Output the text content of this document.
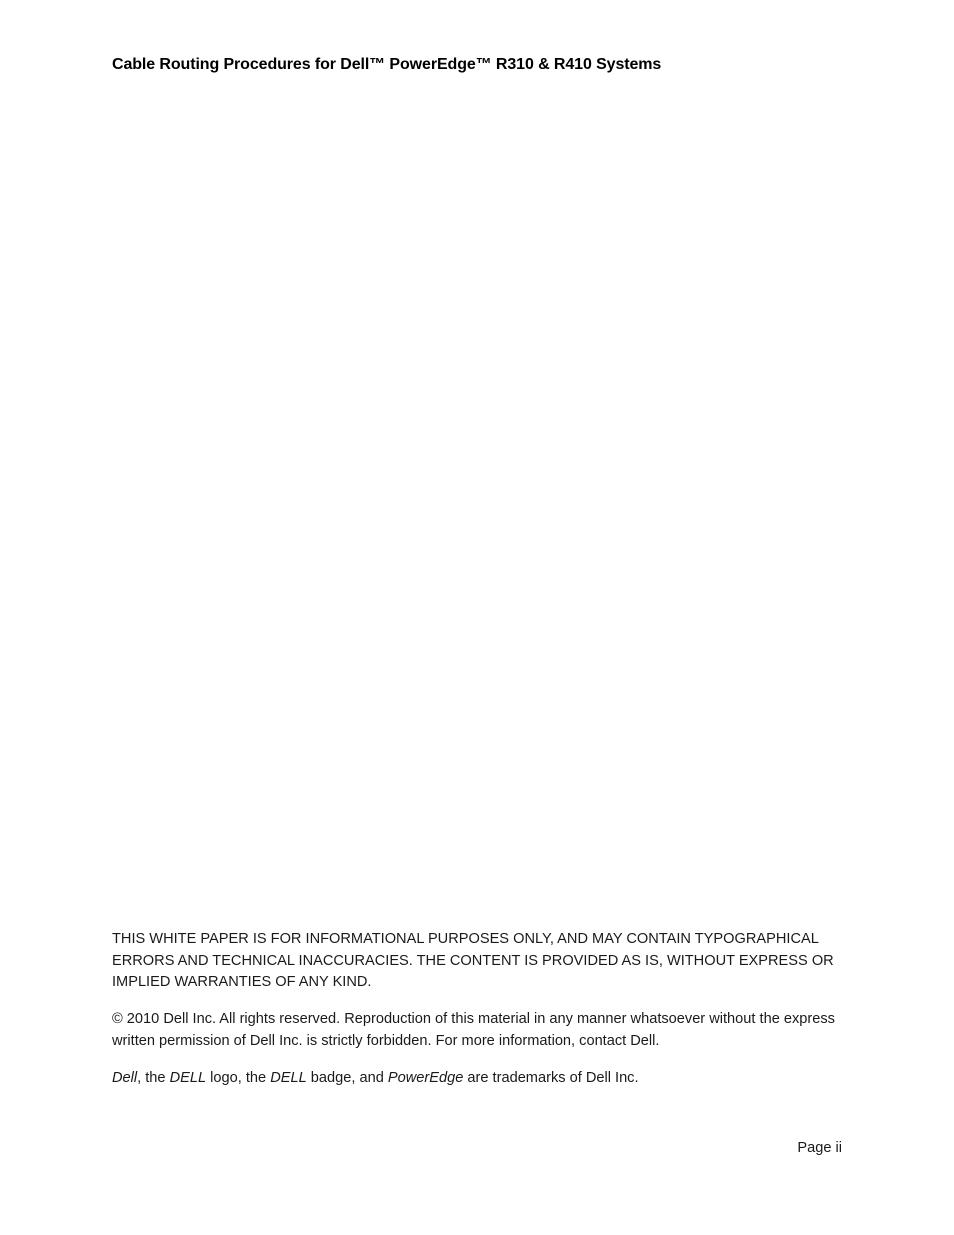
Cable Routing Procedures for Dell™ PowerEdge™ R310 & R410 Systems

THIS WHITE PAPER IS FOR INFORMATIONAL PURPOSES ONLY, AND MAY CONTAIN TYPOGRAPHICAL ERRORS AND TECHNICAL INACCURACIES. THE CONTENT IS PROVIDED AS IS, WITHOUT EXPRESS OR IMPLIED WARRANTIES OF ANY KIND.

© 2010 Dell Inc. All rights reserved. Reproduction of this material in any manner whatsoever without the express written permission of Dell Inc. is strictly forbidden. For more information, contact Dell.

Dell, the DELL logo, the DELL badge, and PowerEdge are trademarks of Dell Inc.

Page ii
